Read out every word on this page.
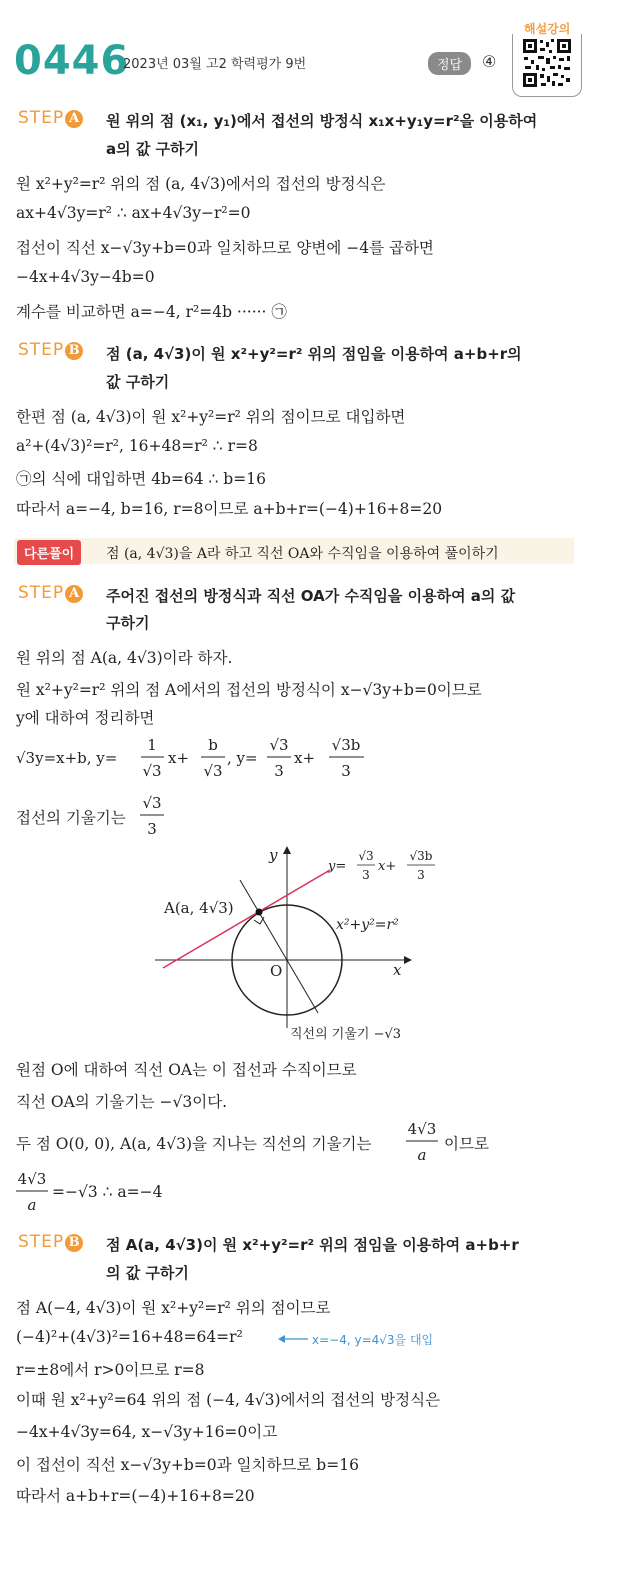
0446
2023년 03월 고2 학력평가 9번	정답	④
해설강의
STEP A 원 위의 점 (x₁, y₁)에서 접선의 방정식 x₁x+y₁y=r²을 이용하여
a의 값 구하기
원 x²+y²=r² 위의 점 (a, 4√3)에서의 접선의 방정식은
ax+4√3y=r² ∴ ax+4√3y−r²=0
접선이 직선 x−√3y+b=0과 일치하므로 양변에 −4를 곱하면
−4x+4√3y−4b=0
계수를 비교하면 a=−4, r²=4b ······ ㉠
STEP B 점 (a, 4√3)이 원 x²+y²=r² 위의 점임을 이용하여 a+b+r의
값 구하기
한편 점 (a, 4√3)이 원 x²+y²=r² 위의 점이므로 대입하면
a²+(4√3)²=r², 16+48=r² ∴ r=8
㉠의 식에 대입하면 4b=64 ∴ b=16
따라서 a=−4, b=16, r=8이므로 a+b+r=(−4)+16+8=20
다른풀이	점 (a, 4√3)을 A라 하고 직선 OA와 수직임을 이용하여 풀이하기
STEP A 주어진 접선의 방정식과 직선 OA가 수직임을 이용하여 a의 값
구하기
원 위의 점 A(a, 4√3)이라 하자.
원 x²+y²=r² 위의 점 A에서의 접선의 방정식이 x−√3y+b=0이므로
y에 대하여 정리하면
√3y=x+b, y=
1
√3
x+
b
√3
, y=
√3
3
x+
√3b
3
접선의 기울기는
√3
3
y
x
O
A(a, 4√3)
x²+y²=r²
직선의 기울기 −√3
y=
√3
3
x+
√3b
3
원점 O에 대하여 직선 OA는 이 접선과 수직이므로
직선 OA의 기울기는 −√3이다.
두 점 O(0, 0), A(a, 4√3)을 지나는 직선의 기울기는
4√3
a
이므로
4√3
a
=−√3 ∴ a=−4
STEP B 점 A(a, 4√3)이 원 x²+y²=r² 위의 점임을 이용하여 a+b+r
의 값 구하기
점 A(−4, 4√3)이 원 x²+y²=r² 위의 점이므로
(−4)²+(4√3)²=16+48=64=r²	x=−4, y=4√3을 대입
r=±8에서 r>0이므로 r=8
이때 원 x²+y²=64 위의 점 (−4, 4√3)에서의 접선의 방정식은
−4x+4√3y=64, x−√3y+16=0이고
이 접선이 직선 x−√3y+b=0과 일치하므로 b=16
따라서 a+b+r=(−4)+16+8=20
